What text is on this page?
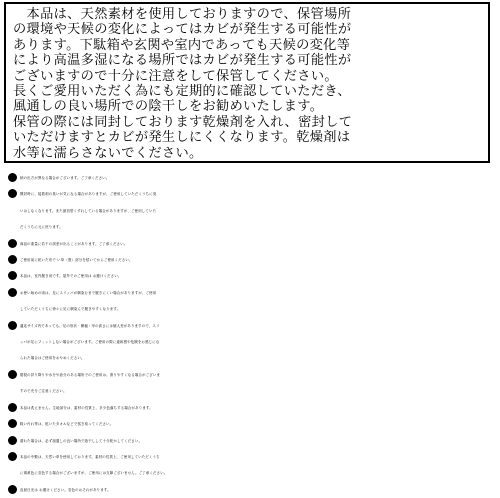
　本品は、天然素材を使用しておりますので、保管場所
の環境や天候の変化によってはカビが発生する可能性が
あります。下駄箱や玄関や室内であっても天候の変化等
により高温多湿になる場所ではカビが発生する可能性が
ございますので十分に注意をして保管してください。
長くご愛用いただく為にも定期的に確認していただき、
風通しの良い場所での陰干しをお勧めいたします。
保管の際には同封しております乾燥剤を入れ、密封して
いただけますとカビが発生しにくくなります。乾燥剤は
水等に濡らさないでください。
柄の出方が異なる場合がございます。ご了承ください。
開封時に、接着剤の臭いが気になる場合がありますが、ご使用していただくうちに臭
いはしなくなります。また最初型くずれしている場合がありますが、ご使用していた
だくうちに元に戻ります。
商品の重量に若干の誤差が出ることがあります。ご了承ください。
ご使用前に乾いた布で い草（畳）部分を拭いてからご使用ください。
本品は、室内履き用です。屋外でのご使用は お避けください。
お使い始めの頃は、足にスリッパが馴染むまで履きにくい場合がありますが、ご使用
していただくうちに徐々に足に馴染んで履きやすくなります。
適応サイズ内であっても、足の形状・横幅・甲の高さには個人差がありますので、スリ
ッパが足にフィットしない場合がございます。ご使用の際に違和感や危険をお感じにな
られた場合はご使用をおやめください。
階段の昇り降りや水分や油分のある場所でのご使用は、滑りやすくなる場合がございま
すので充分ご注意ください。
本品は洗えません。生地部分は、素材の性質上、多少色落ちする場合があります。
軽い汚れ等は、乾いたタオルなどで拭き取ってください。
濡れた場合は、必ず風通しの良い場所で陰干しして十分乾かしてください。
本品の中敷は、天然い草を使用しております。素材の性質上、ご使用していただくうち
に薄黄色に変色する場合がございますが、ご使用には支障ございません。ご了承ください。
直射日光は お避けください。変色のおそれがあります。
